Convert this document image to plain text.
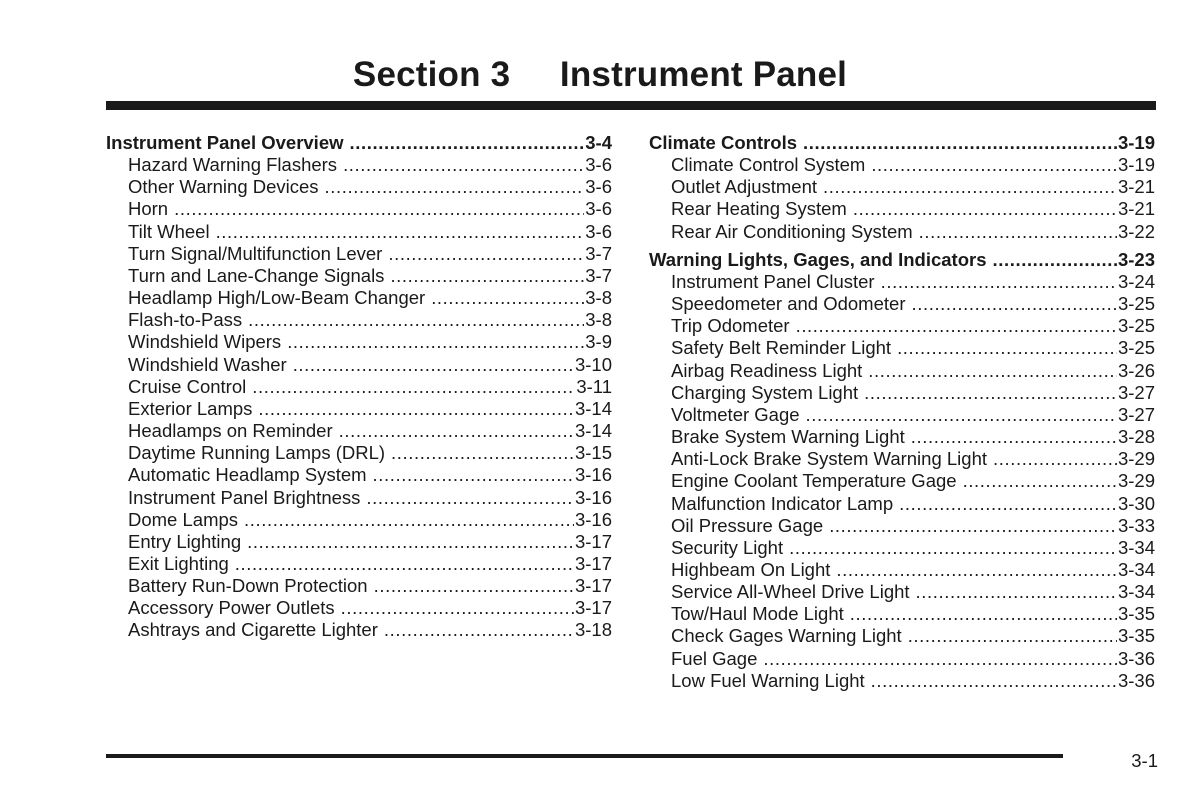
Section 3     Instrument Panel
Instrument Panel Overview .....	3-4
Hazard Warning Flashers .....	3-6
Other Warning Devices .....	3-6
Horn .....	3-6
Tilt Wheel .....	3-6
Turn Signal/Multifunction Lever .....	3-7
Turn and Lane-Change Signals .....	3-7
Headlamp High/Low-Beam Changer .....	3-8
Flash-to-Pass .....	3-8
Windshield Wipers .....	3-9
Windshield Washer .....	3-10
Cruise Control .....	3-11
Exterior Lamps .....	3-14
Headlamps on Reminder .....	3-14
Daytime Running Lamps (DRL) .....	3-15
Automatic Headlamp System .....	3-16
Instrument Panel Brightness .....	3-16
Dome Lamps .....	3-16
Entry Lighting .....	3-17
Exit Lighting .....	3-17
Battery Run-Down Protection .....	3-17
Accessory Power Outlets .....	3-17
Ashtrays and Cigarette Lighter .....	3-18
Climate Controls .....	3-19
Climate Control System .....	3-19
Outlet Adjustment .....	3-21
Rear Heating System .....	3-21
Rear Air Conditioning System .....	3-22
Warning Lights, Gages, and Indicators .....	3-23
Instrument Panel Cluster .....	3-24
Speedometer and Odometer .....	3-25
Trip Odometer .....	3-25
Safety Belt Reminder Light .....	3-25
Airbag Readiness Light .....	3-26
Charging System Light .....	3-27
Voltmeter Gage .....	3-27
Brake System Warning Light .....	3-28
Anti-Lock Brake System Warning Light .....	3-29
Engine Coolant Temperature Gage .....	3-29
Malfunction Indicator Lamp .....	3-30
Oil Pressure Gage .....	3-33
Security Light .....	3-34
Highbeam On Light .....	3-34
Service All-Wheel Drive Light .....	3-34
Tow/Haul Mode Light .....	3-35
Check Gages Warning Light .....	3-35
Fuel Gage .....	3-36
Low Fuel Warning Light .....	3-36
3-1
